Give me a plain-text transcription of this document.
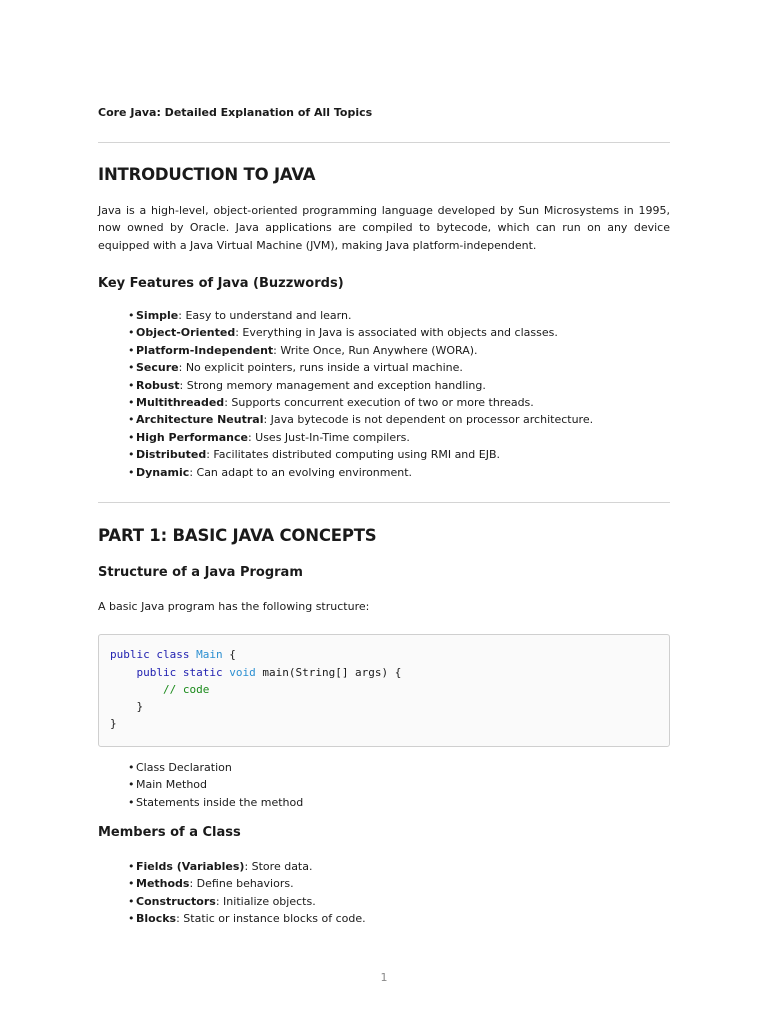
Core Java: Detailed Explanation of All Topics
INTRODUCTION TO JAVA
Java is a high-level, object-oriented programming language developed by Sun Microsystems in 1995, now owned by Oracle. Java applications are compiled to bytecode, which can run on any device equipped with a Java Virtual Machine (JVM), making Java platform-independent.
Key Features of Java (Buzzwords)
• Simple: Easy to understand and learn.
• Object-Oriented: Everything in Java is associated with objects and classes.
• Platform-Independent: Write Once, Run Anywhere (WORA).
• Secure: No explicit pointers, runs inside a virtual machine.
• Robust: Strong memory management and exception handling.
• Multithreaded: Supports concurrent execution of two or more threads.
• Architecture Neutral: Java bytecode is not dependent on processor architecture.
• High Performance: Uses Just-In-Time compilers.
• Distributed: Facilitates distributed computing using RMI and EJB.
• Dynamic: Can adapt to an evolving environment.
PART 1: BASIC JAVA CONCEPTS
Structure of a Java Program
A basic Java program has the following structure:
public class Main {
public static void main(String[] args) {
// code
}
}
• Class Declaration
• Main Method
• Statements inside the method
Members of a Class
• Fields (Variables): Store data.
• Methods: Define behaviors.
• Constructors: Initialize objects.
• Blocks: Static or instance blocks of code.
1
